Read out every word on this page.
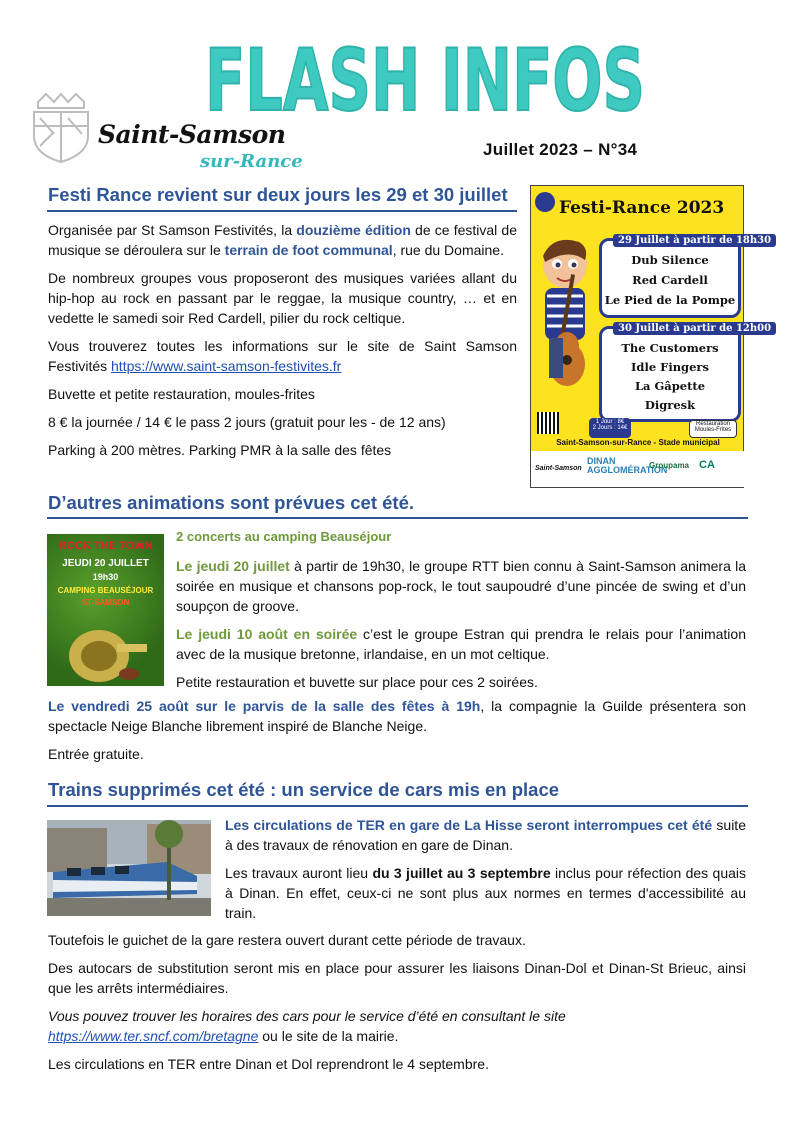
FLASH INFOS
Saint-Samson
sur-Rance
Juillet 2023 – N°34
Festi Rance revient sur deux jours les 29 et 30 juillet

Organisée par St Samson Festivités, la douzième édition de ce festival de musique se déroulera sur le terrain de foot communal, rue du Domaine.

De nombreux groupes vous proposeront des musiques variées allant du hip-hop au rock en passant par le reggae, la musique country, … et en vedette le samedi soir Red Cardell, pilier du rock celtique.

Vous trouverez toutes les informations sur le site de Saint Samson Festivités https://www.saint-samson-festivites.fr

Buvette et petite restauration, moules-frites

8 € la journée / 14 € le pass 2 jours (gratuit pour les - de 12 ans)

Parking à 200 mètres. Parking PMR à la salle des fêtes

Festi-Rance 2023
Dub Silence
Red Cardell
Le Pied de la Pompe
29 Juillet à partir de 18h30
The Customers
Idle Fingers
La Gâpette
Digresk
30 Juillet à partir de 12h00
1 Jour : 8€
2 Jours : 14€
Restauration Moules-Frites
Saint-Samson-sur-Rance - Stade municipal
Saint-Samson
DINAN AGGLOMÉRATION
Groupama CA
D’autres animations sont prévues cet été.
ROCK THE TOWN
JEUDI 20 JUILLET
19h30
CAMPING BEAUSÉJOUR
ST-SAMSON

2 concerts au camping Beauséjour

Le jeudi 20 juillet à partir de 19h30, le groupe RTT bien connu à Saint-Samson animera la soirée en musique et chansons pop-rock, le tout saupoudré d’une pincée de swing et d’un soupçon de groove.

Le jeudi 10 août en soirée c’est le groupe Estran qui prendra le relais pour l’animation avec de la musique bretonne, irlandaise, en un mot celtique.

Petite restauration et buvette sur place pour ces 2 soirées.

Le vendredi 25 août sur le parvis de la salle des fêtes à 19h, la compagnie la Guilde présentera son spectacle Neige Blanche librement inspiré de Blanche Neige.

Entrée gratuite.

Trains supprimés cet été : un service de cars mis en place

Les circulations de TER en gare de La Hisse seront interrompues cet été suite à des travaux de rénovation en gare de Dinan.

Les travaux auront lieu du 3 juillet au 3 septembre inclus pour réfection des quais à Dinan. En effet, ceux-ci ne sont plus aux normes en termes d'accessibilité au train.

Toutefois le guichet de la gare restera ouvert durant cette période de travaux.

Des autocars de substitution seront mis en place pour assurer les liaisons Dinan-Dol et Dinan-St Brieuc, ainsi que les arrêts intermédiaires.

Vous pouvez trouver les horaires des cars pour le service d’été en consultant le site
https://www.ter.sncf.com/bretagne ou le site de la mairie.

Les circulations en TER entre Dinan et Dol reprendront le 4 septembre.
